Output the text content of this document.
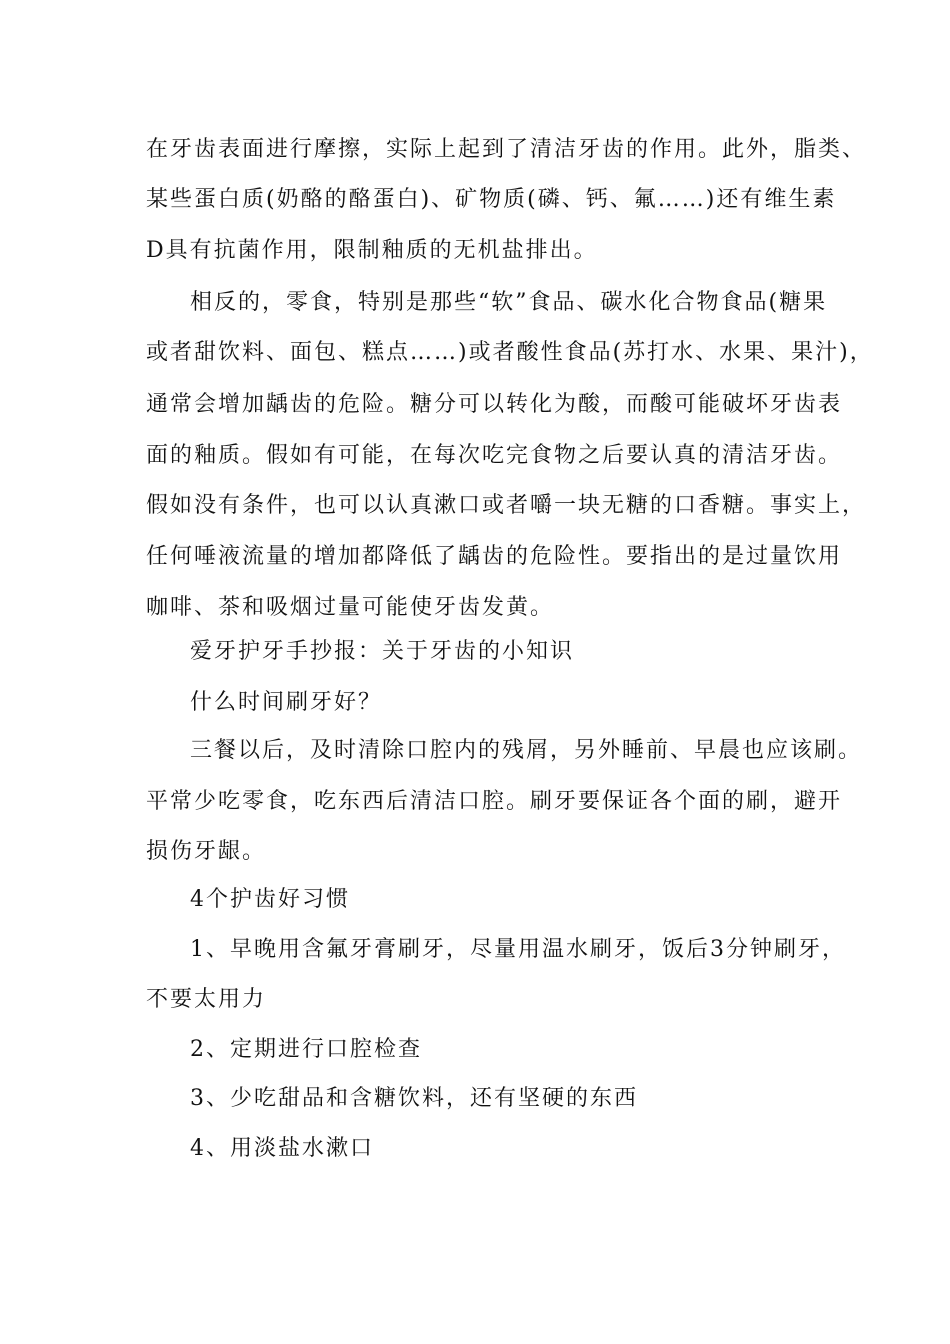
在牙齿表面进行摩擦，实际上起到了清洁牙齿的作用。此外，脂类、
某些蛋白质(奶酪的酪蛋白)、矿物质(磷、钙、氟……)还有维生素
D具有抗菌作用，限制釉质的无机盐排出。
相反的，零食，特别是那些“软”食品、碳水化合物食品(糖果
或者甜饮料、面包、糕点……)或者酸性食品(苏打水、水果、果汁)，
通常会增加龋齿的危险。糖分可以转化为酸，而酸可能破坏牙齿表
面的釉质。假如有可能，在每次吃完食物之后要认真的清洁牙齿。
假如没有条件，也可以认真漱口或者嚼一块无糖的口香糖。事实上，
任何唾液流量的增加都降低了龋齿的危险性。要指出的是过量饮用
咖啡、茶和吸烟过量可能使牙齿发黄。
爱牙护牙手抄报：关于牙齿的小知识
什么时间刷牙好？
三餐以后，及时清除口腔内的残屑，另外睡前、早晨也应该刷。
平常少吃零食，吃东西后清洁口腔。刷牙要保证各个面的刷，避开
损伤牙龈。
4个护齿好习惯
1、早晚用含氟牙膏刷牙，尽量用温水刷牙，饭后3分钟刷牙，
不要太用力
2、定期进行口腔检查
3、少吃甜品和含糖饮料，还有坚硬的东西
4、用淡盐水漱口
